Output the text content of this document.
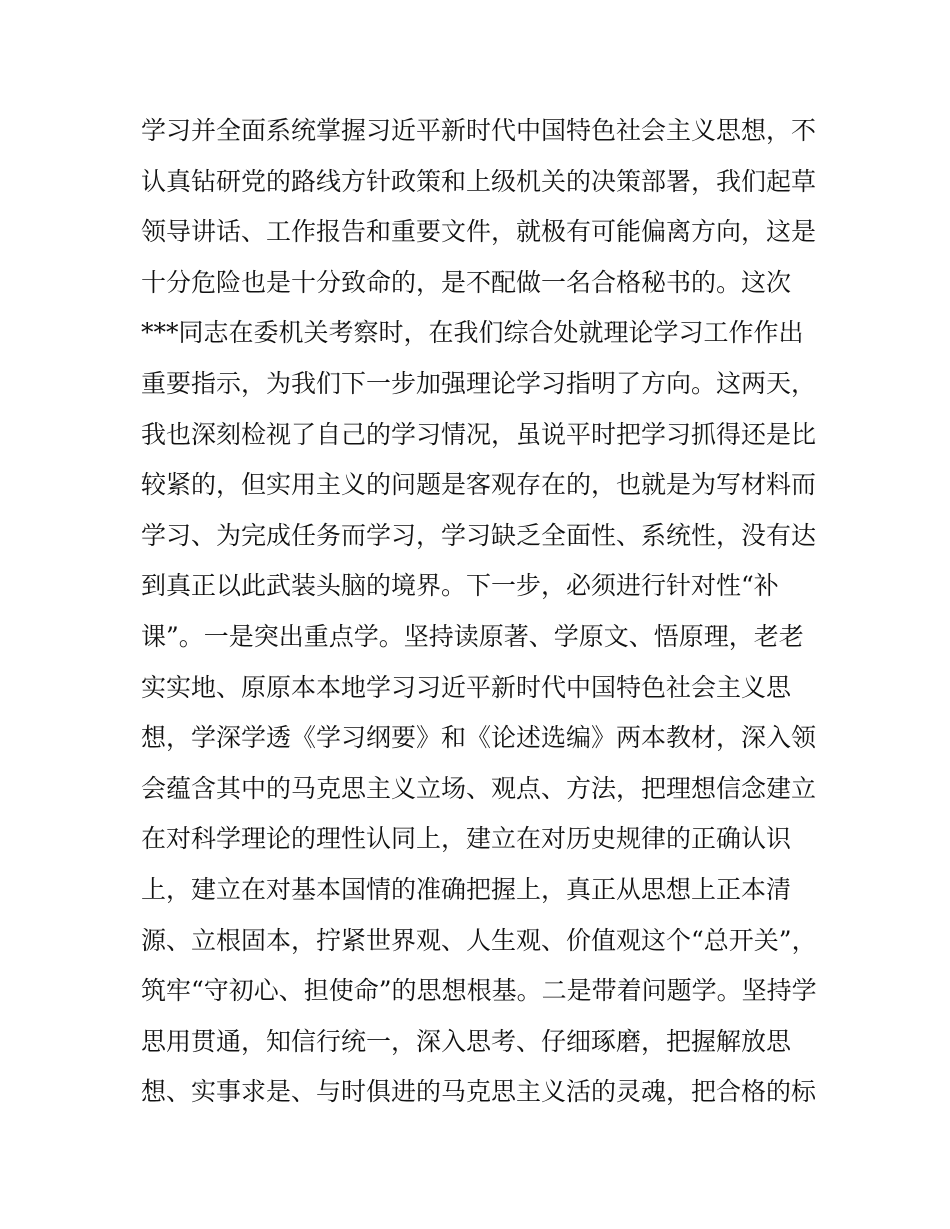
学习并全面系统掌握习近平新时代中国特色社会主义思想，不
认真钻研党的路线方针政策和上级机关的决策部署，我们起草
领导讲话、工作报告和重要文件，就极有可能偏离方向，这是
十分危险也是十分致命的，是不配做一名合格秘书的。这次
***同志在委机关考察时，在我们综合处就理论学习工作作出
重要指示，为我们下一步加强理论学习指明了方向。这两天，
我也深刻检视了自己的学习情况，虽说平时把学习抓得还是比
较紧的，但实用主义的问题是客观存在的，也就是为写材料而
学习、为完成任务而学习，学习缺乏全面性、系统性，没有达
到真正以此武装头脑的境界。下一步，必须进行针对性“补
课”。一是突出重点学。坚持读原著、学原文、悟原理，老老
实实地、原原本本地学习习近平新时代中国特色社会主义思
想，学深学透《学习纲要》和《论述选编》两本教材，深入领
会蕴含其中的马克思主义立场、观点、方法，把理想信念建立
在对科学理论的理性认同上，建立在对历史规律的正确认识
上，建立在对基本国情的准确把握上，真正从思想上正本清
源、立根固本，拧紧世界观、人生观、价值观这个“总开关”，
筑牢“守初心、担使命”的思想根基。二是带着问题学。坚持学
思用贯通，知信行统一，深入思考、仔细琢磨，把握解放思
想、实事求是、与时俱进的马克思主义活的灵魂，把合格的标
